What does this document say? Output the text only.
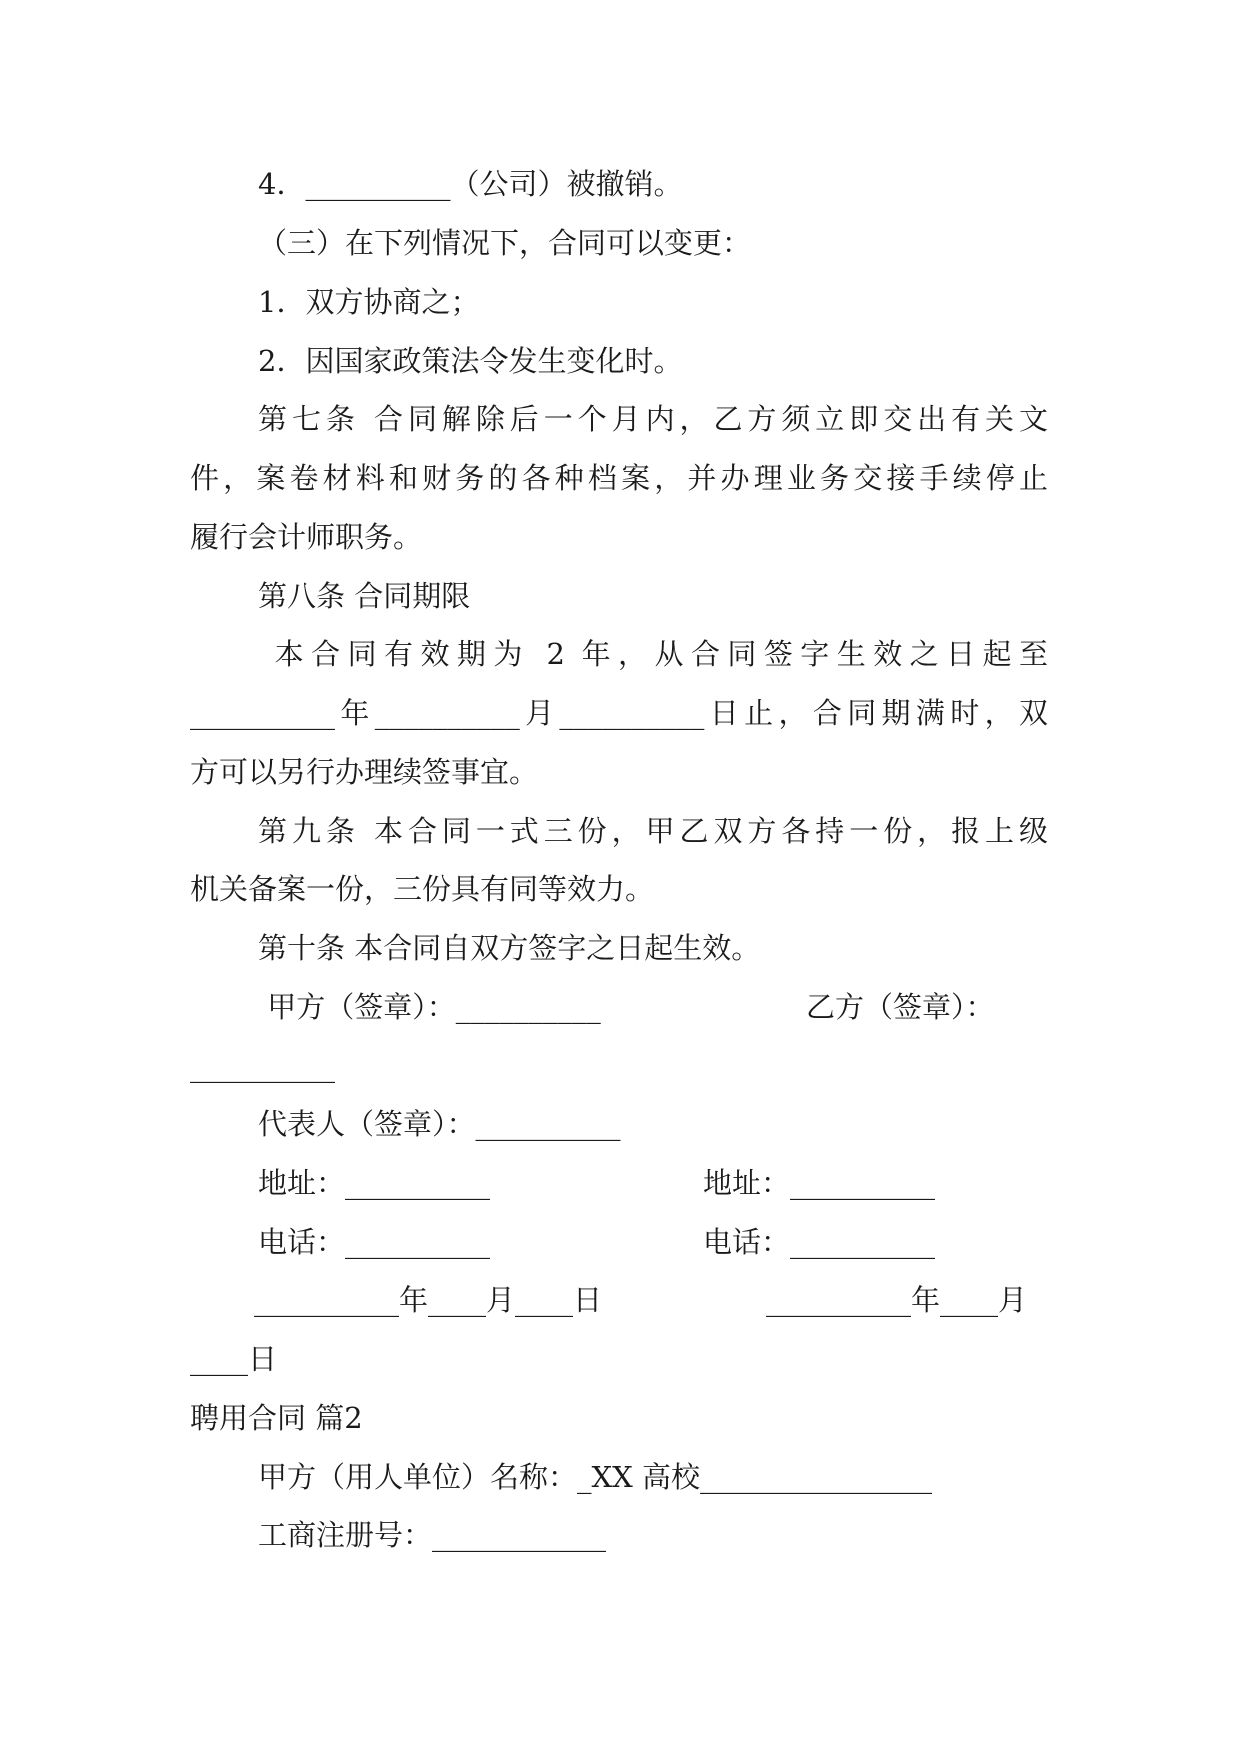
4．__________（公司）被撤销。
（三）在下列情况下，合同可以变更：
1．双方协商之；
2．因国家政策法令发生变化时。
第七条 合同解除后一个月内，乙方须立即交出有关文
件，案卷材料和财务的各种档案，并办理业务交接手续停止
履行会计师职务。
第八条 合同期限
本合同有效期为 2 年，从合同签字生效之日起至
__________年__________月__________日止，合同期满时，双
方可以另行办理续签事宜。
第九条 本合同一式三份，甲乙双方各持一份，报上级
机关备案一份，三份具有同等效力。
第十条 本合同自双方签字之日起生效。
甲方（签章）：__________	乙方（签章）：
__________
代表人（签章）：__________
地址：__________	地址：__________
电话：__________	电话：__________
__________年____月____日	__________年____月
____日
聘用合同 篇2
甲方（用人单位）名称：_XX 高校________________
工商注册号：____________
